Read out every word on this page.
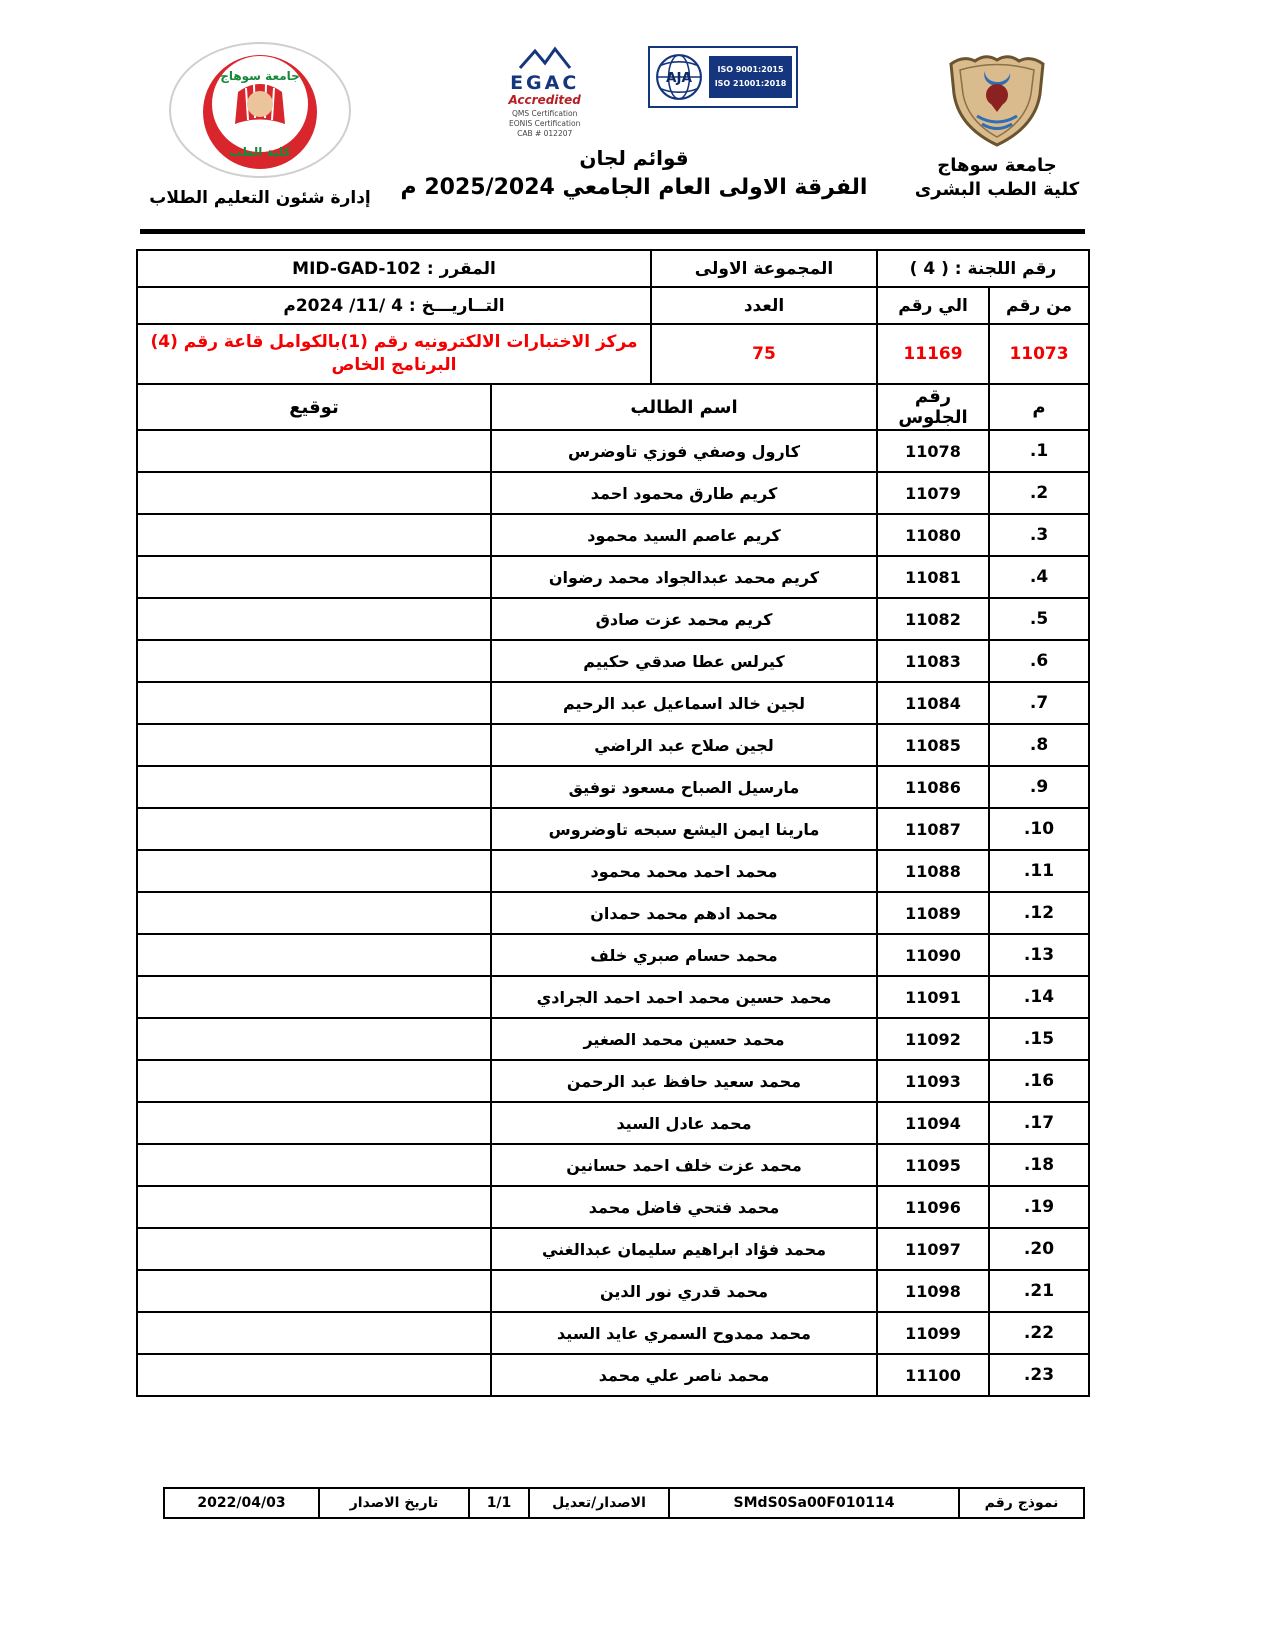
جامعة سوهاج
كلية الطب
إدارة شئون التعليم الطلاب
EGAC
Accredited
QMS Certification
EONIS Certification
CAB # 012207
AJA
ISO 9001:2015
ISO 21001:2018
قوائم لجان
الفرقة الاولى العام الجامعي 2025/2024 م
جامعة سوهاج
كلية الطب البشرى
رقم اللجنة : ( 4 )		المجموعة الاولى	المقرر : MID-GAD-102
من رقم	الي رقم	العدد	التــاريـــخ : 4 /11/ 2024م
11073	11169	75	مركز الاختبارات الالكترونيه رقم (1)بالكوامل قاعة رقم (4)
البرنامج الخاص
م	رقم الجلوس	اسم الطالب	توقيع
1.	11078	كارول وصفي فوزي تاوضرس	
2.	11079	كريم طارق محمود احمد	
3.	11080	كريم عاصم السيد محمود	
4.	11081	كريم محمد عبدالجواد محمد رضوان	
5.	11082	كريم محمد عزت صادق	
6.	11083	كيرلس عطا صدقي حكييم	
7.	11084	لجين خالد اسماعيل عبد الرحيم	
8.	11085	لجين صلاح عبد الراضي	
9.	11086	مارسيل الصباح مسعود توفيق	
10.	11087	مارينا ايمن اليشع سبحه تاوضروس	
11.	11088	محمد احمد محمد محمود	
12.	11089	محمد ادهم محمد حمدان	
13.	11090	محمد حسام صبري خلف	
14.	11091	محمد حسين محمد احمد احمد الجرادي	
15.	11092	محمد حسين محمد الصغير	
16.	11093	محمد سعيد حافظ عبد الرحمن	
17.	11094	محمد عادل السيد	
18.	11095	محمد عزت خلف احمد حسانين	
19.	11096	محمد فتحي فاضل محمد	
20.	11097	محمد فؤاد ابراهيم سليمان عبدالغني	
21.	11098	محمد قدري نور الدين	
22.	11099	محمد ممدوح السمري عايد السيد	
23.	11100	محمد ناصر علي محمد	
نموذج رقم	SMdS0Sa00F010114	الاصدار/تعديل	1/1	تاريخ الاصدار	2022/04/03
